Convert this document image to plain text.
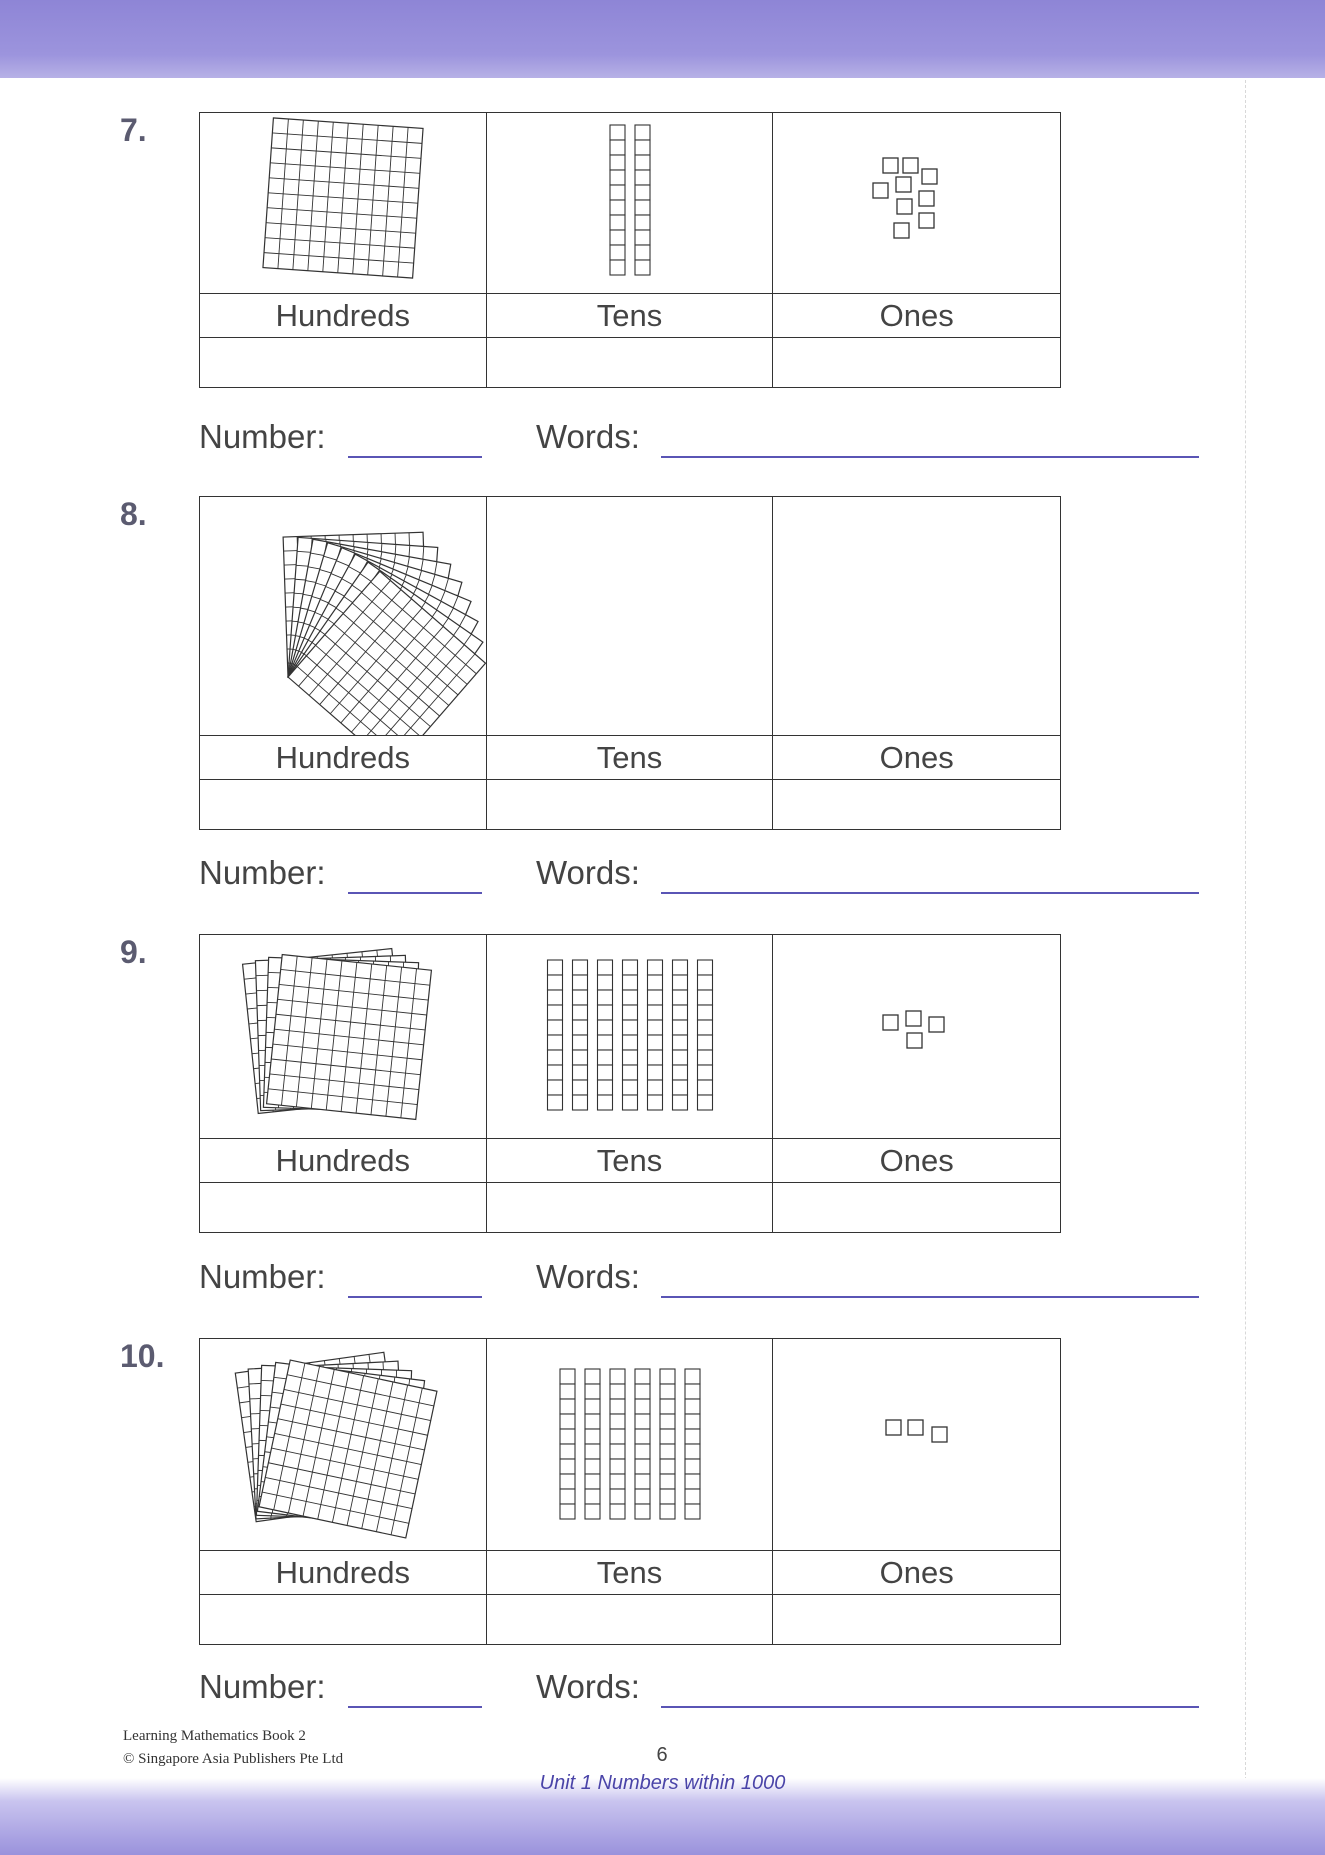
7.
Hundreds	Tens	Ones
Number:	Words:
8.
Hundreds	Tens	Ones
Number:	Words:
9.
Hundreds	Tens	Ones
Number:	Words:
10.
Hundreds	Tens	Ones
Number:	Words:
Learning Mathematics Book 2
© Singapore Asia Publishers Pte Ltd	6
Unit 1 Numbers within 1000
